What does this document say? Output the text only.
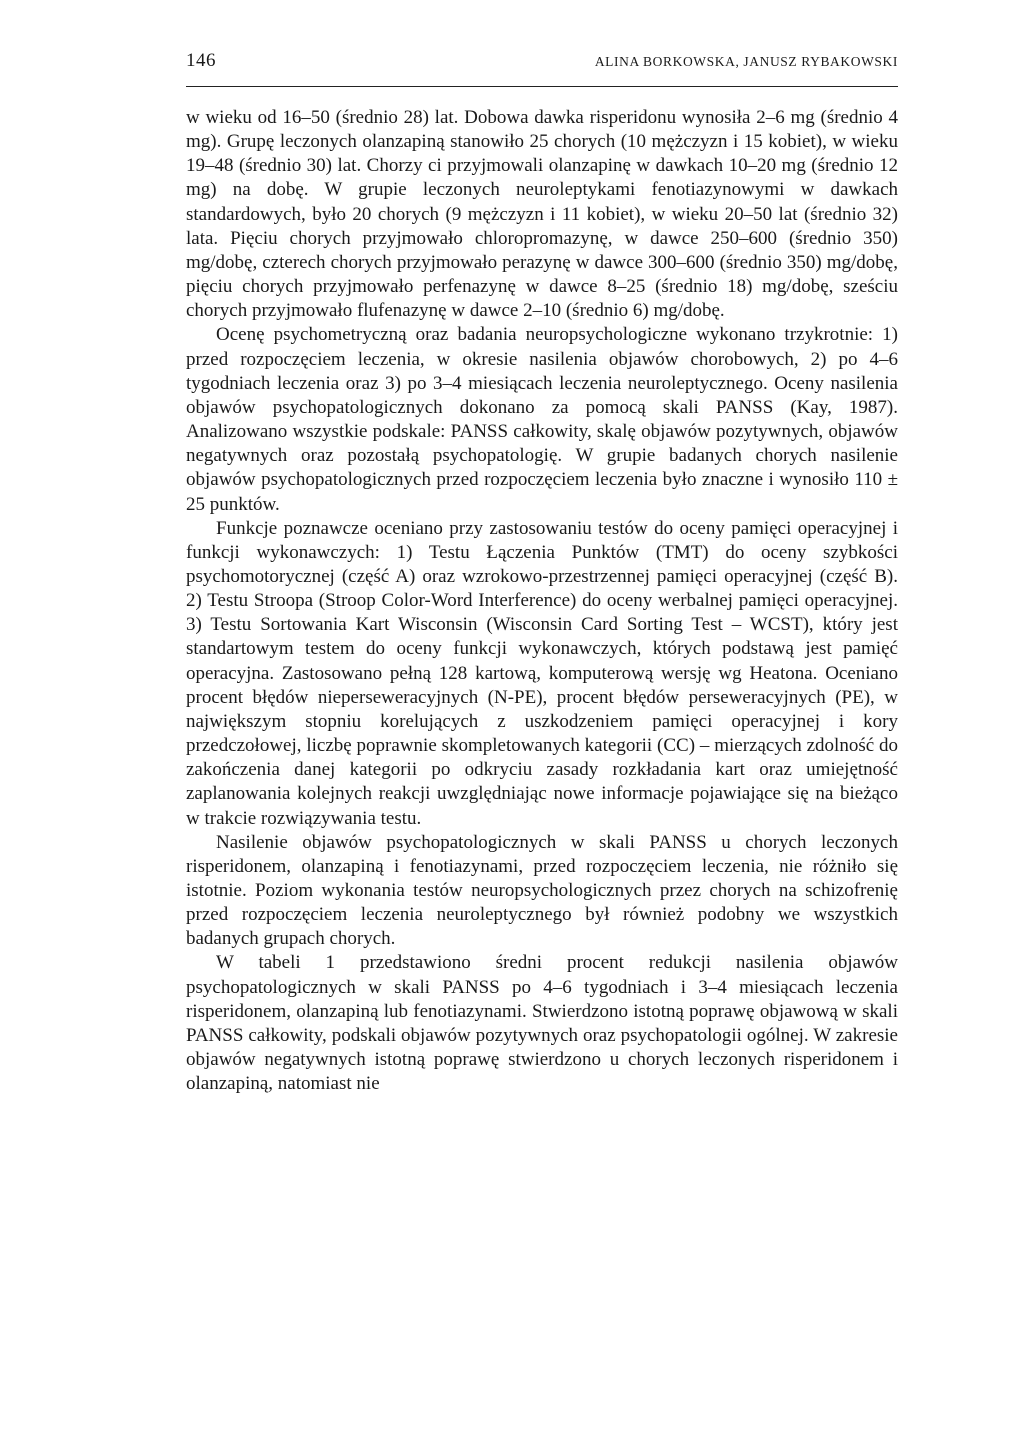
146	ALINA BORKOWSKA, JANUSZ RYBAKOWSKI

w wieku od 16–50 (średnio 28) lat. Dobowa dawka risperidonu wynosiła 2–6 mg (średnio 4 mg). Grupę leczonych olanzapiną stanowiło 25 chorych (10 mężczyzn i 15 kobiet), w wieku 19–48 (średnio 30) lat. Chorzy ci przyjmowali olanzapinę w dawkach 10–20 mg (średnio 12 mg) na dobę. W grupie leczonych neuroleptykami fenotiazynowymi w dawkach standardowych, było 20 chorych (9 mężczyzn i 11 kobiet), w wieku 20–50 lat (średnio 32) lata. Pięciu chorych przyjmowało chloropromazynę, w dawce 250–600 (średnio 350) mg/dobę, czterech chorych przyjmowało perazynę w dawce 300–600 (średnio 350) mg/dobę, pięciu chorych przyjmowało perfenazynę w dawce 8–25 (średnio 18) mg/dobę, sześciu chorych przyjmowało flufenazynę w dawce 2–10 (średnio 6) mg/dobę.

Ocenę psychometryczną oraz badania neuropsychologiczne wykonano trzykrotnie: 1) przed rozpoczęciem leczenia, w okresie nasilenia objawów chorobowych, 2) po 4–6 tygodniach leczenia oraz 3) po 3–4 miesiącach leczenia neuroleptycznego. Oceny nasilenia objawów psychopatologicznych dokonano za pomocą skali PANSS (Kay, 1987). Analizowano wszystkie podskale: PANSS całkowity, skalę objawów pozytywnych, objawów negatywnych oraz pozostałą psychopatologię. W grupie badanych chorych nasilenie objawów psychopatologicznych przed rozpoczęciem leczenia było znaczne i wynosiło 110 ± 25 punktów.

Funkcje poznawcze oceniano przy zastosowaniu testów do oceny pamięci operacyjnej i funkcji wykonawczych: 1) Testu Łączenia Punktów (TMT) do oceny szybkości psychomotorycznej (część A) oraz wzrokowo-przestrzennej pamięci operacyjnej (część B). 2) Testu Stroopa (Stroop Color-Word Interference) do oceny werbalnej pamięci operacyjnej. 3) Testu Sortowania Kart Wisconsin (Wisconsin Card Sorting Test – WCST), który jest standartowym testem do oceny funkcji wykonawczych, których podstawą jest pamięć operacyjna. Zastosowano pełną 128 kartową, komputerową wersję wg Heatona. Oceniano procent błędów nieperseweracyjnych (N-PE), procent błędów perseweracyjnych (PE), w największym stopniu korelujących z uszkodzeniem pamięci operacyjnej i kory przedczołowej, liczbę poprawnie skompletowanych kategorii (CC) – mierzących zdolność do zakończenia danej kategorii po odkryciu zasady rozkładania kart oraz umiejętność zaplanowania kolejnych reakcji uwzględniając nowe informacje pojawiające się na bieżąco w trakcie rozwiązywania testu.

Nasilenie objawów psychopatologicznych w skali PANSS u chorych leczonych risperidonem, olanzapiną i fenotiazynami, przed rozpoczęciem leczenia, nie różniło się istotnie. Poziom wykonania testów neuropsychologicznych przez chorych na schizofrenię przed rozpoczęciem leczenia neuroleptycznego był również podobny we wszystkich badanych grupach chorych.

W tabeli 1 przedstawiono średni procent redukcji nasilenia objawów psychopatologicznych w skali PANSS po 4–6 tygodniach i 3–4 miesiącach leczenia risperidonem, olanzapiną lub fenotiazynami. Stwierdzono istotną poprawę objawową w skali PANSS całkowity, podskali objawów pozytywnych oraz psychopatologii ogólnej. W zakresie objawów negatywnych istotną poprawę stwierdzono u chorych leczonych risperidonem i olanzapiną, natomiast nie
